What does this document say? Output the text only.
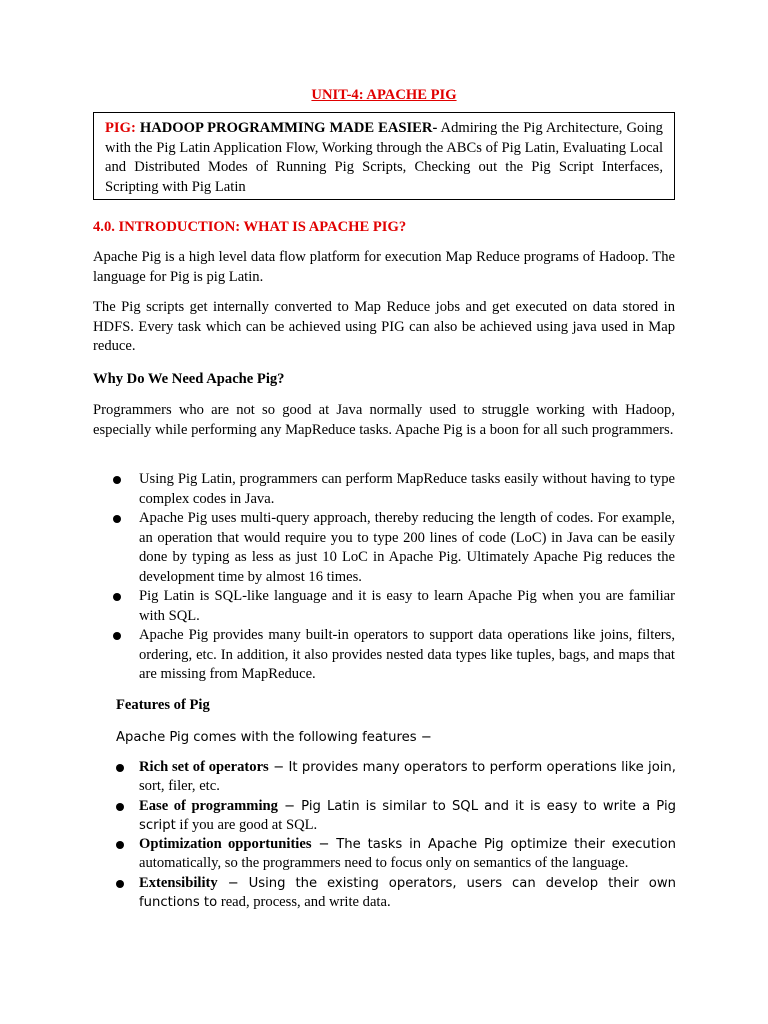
UNIT-4: APACHE PIG
PIG: HADOOP PROGRAMMING MADE EASIER- Admiring the Pig Architecture, Going with the Pig Latin Application Flow, Working through the ABCs of Pig Latin, Evaluating Local and Distributed Modes of Running Pig Scripts, Checking out the Pig Script Interfaces, Scripting with Pig Latin
4.0. INTRODUCTION: WHAT IS APACHE PIG?
Apache Pig is a high level data flow platform for execution Map Reduce programs of Hadoop. The language for Pig is pig Latin.
The Pig scripts get internally converted to Map Reduce jobs and get executed on data stored in HDFS. Every task which can be achieved using PIG can also be achieved using java used in Map reduce.
Why Do We Need Apache Pig?
Programmers who are not so good at Java normally used to struggle working with Hadoop, especially while performing any MapReduce tasks. Apache Pig is a boon for all such programmers.
Using Pig Latin, programmers can perform MapReduce tasks easily without having to type complex codes in Java.
Apache Pig uses multi-query approach, thereby reducing the length of codes. For example, an operation that would require you to type 200 lines of code (LoC) in Java can be easily done by typing as less as just 10 LoC in Apache Pig. Ultimately Apache Pig reduces the development time by almost 16 times.
Pig Latin is SQL-like language and it is easy to learn Apache Pig when you are familiar with SQL.
Apache Pig provides many built-in operators to support data operations like joins, filters, ordering, etc. In addition, it also provides nested data types like tuples, bags, and maps that are missing from MapReduce.
Features of Pig
Apache Pig comes with the following features −
Rich set of operators − It provides many operators to perform operations like join, sort, filer, etc.
Ease of programming − Pig Latin is similar to SQL and it is easy to write a Pig script if you are good at SQL.
Optimization opportunities − The tasks in Apache Pig optimize their execution automatically, so the programmers need to focus only on semantics of the language.
Extensibility − Using the existing operators, users can develop their own functions to read, process, and write data.
